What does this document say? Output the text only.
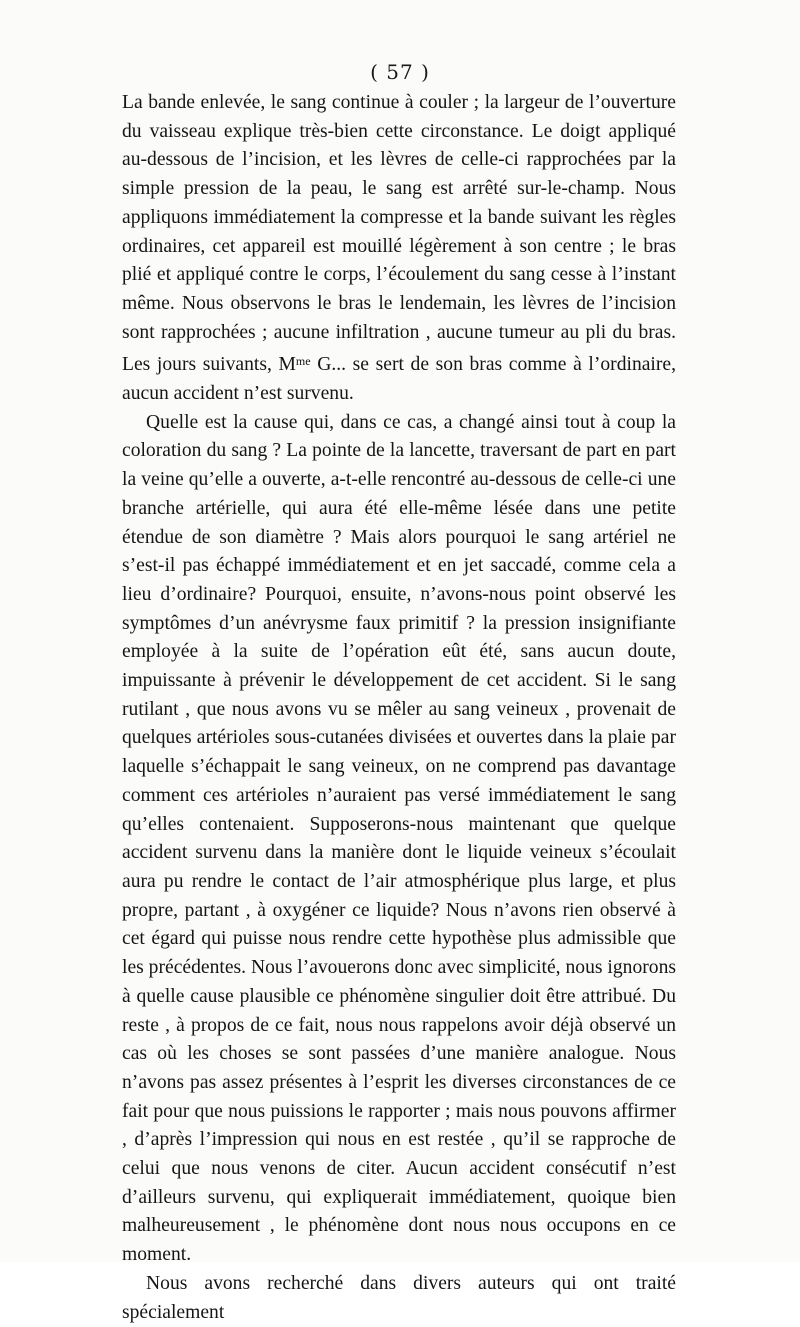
( 57 )

La bande enlevée, le sang continue à couler ; la largeur de l’ouverture du vaisseau explique très-bien cette circonstance. Le doigt appliqué au-dessous de l’incision, et les lèvres de celle-ci rapprochées par la simple pression de la peau, le sang est arrêté sur-le-champ. Nous appliquons immédiatement la compresse et la bande suivant les règles ordinaires, cet appareil est mouillé légèrement à son centre ; le bras plié et appliqué contre le corps, l’écoulement du sang cesse à l’instant même. Nous observons le bras le lendemain, les lèvres de l’incision sont rapprochées ; aucune infiltration , aucune tumeur au pli du bras. Les jours suivants, $M^{me}$ G... se sert de son bras comme à l’ordinaire, aucun accident n’est survenu.

Quelle est la cause qui, dans ce cas, a changé ainsi tout à coup la coloration du sang ? La pointe de la lancette, traversant de part en part la veine qu’elle a ouverte, a-t-elle rencontré au-dessous de celle-ci une branche artérielle, qui aura été elle-même lésée dans une petite étendue de son diamètre ? Mais alors pourquoi le sang artériel ne s’est-il pas échappé immédiatement et en jet saccadé, comme cela a lieu d’ordinaire? Pourquoi, ensuite, n’avons-nous point observé les symptômes d’un anévrysme faux primitif ? la pression insignifiante employée à la suite de l’opération eût été, sans aucun doute, impuissante à prévenir le développement de cet accident. Si le sang rutilant , que nous avons vu se mêler au sang veineux , provenait de quelques artérioles sous-cutanées divisées et ouvertes dans la plaie par laquelle s’échappait le sang veineux, on ne comprend pas davantage comment ces artérioles n’auraient pas versé immédiatement le sang qu’elles contenaient. Supposerons-nous maintenant que quelque accident survenu dans la manière dont le liquide veineux s’écoulait aura pu rendre le contact de l’air atmosphérique plus large, et plus propre, partant , à oxygéner ce liquide? Nous n’avons rien observé à cet égard qui puisse nous rendre cette hypothèse plus admissible que les précédentes. Nous l’avouerons donc avec simplicité, nous ignorons à quelle cause plausible ce phénomène singulier doit être attribué. Du reste , à propos de ce fait, nous nous rappelons avoir déjà observé un cas où les choses se sont passées d’une manière analogue. Nous n’avons pas assez présentes à l’esprit les diverses circonstances de ce fait pour que nous puissions le rapporter ; mais nous pouvons affirmer , d’après l’impression qui nous en est restée , qu’il se rapproche de celui que nous venons de citer. Aucun accident consécutif n’est d’ailleurs survenu, qui expliquerait immédiatement, quoique bien malheureusement , le phénomène dont nous nous occupons en ce moment.

Nous avons recherché dans divers auteurs qui ont traité spécialement
